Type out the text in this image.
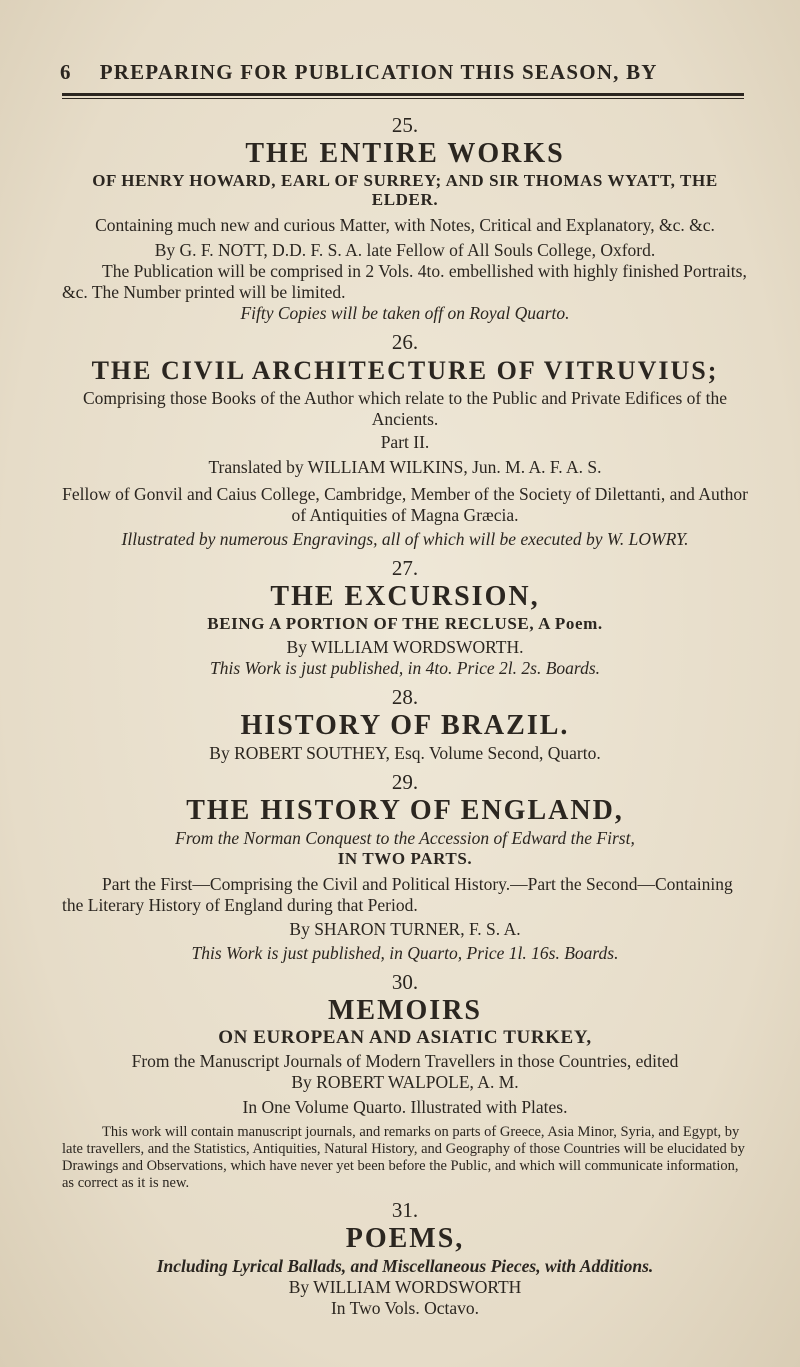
6 PREPARING FOR PUBLICATION THIS SEASON, BY

25.

THE ENTIRE WORKS

OF HENRY HOWARD, EARL OF SURREY; AND SIR THOMAS WYATT, THE ELDER.

Containing much new and curious Matter, with Notes, Critical and Explanatory, &c. &c.

By G. F. NOTT, D.D. F. S. A. late Fellow of All Souls College, Oxford.

The Publication will be comprised in 2 Vols. 4to. embellished with highly finished Portraits, &c. The Number printed will be limited.

Fifty Copies will be taken off on Royal Quarto.

26.

THE CIVIL ARCHITECTURE OF VITRUVIUS;

Comprising those Books of the Author which relate to the Public and Private Edifices of the Ancients.

Part II.

Translated by WILLIAM WILKINS, Jun. M. A. F. A. S.

Fellow of Gonvil and Caius College, Cambridge, Member of the Society of Dilettanti, and Author of Antiquities of Magna Græcia.

Illustrated by numerous Engravings, all of which will be executed by W. LOWRY.

27.

THE EXCURSION,

BEING A PORTION OF THE RECLUSE, A Poem.

By WILLIAM WORDSWORTH.

This Work is just published, in 4to. Price 2l. 2s. Boards.

28.

HISTORY OF BRAZIL.

By ROBERT SOUTHEY, Esq. Volume Second, Quarto.

29.

THE HISTORY OF ENGLAND,

From the Norman Conquest to the Accession of Edward the First,

IN TWO PARTS.

Part the First—Comprising the Civil and Political History.—Part the Second—Containing the Literary History of England during that Period.

By SHARON TURNER, F. S. A.

This Work is just published, in Quarto, Price 1l. 16s. Boards.

30.

MEMOIRS

ON EUROPEAN AND ASIATIC TURKEY,

From the Manuscript Journals of Modern Travellers in those Countries, edited

By ROBERT WALPOLE, A. M.

In One Volume Quarto. Illustrated with Plates.

This work will contain manuscript journals, and remarks on parts of Greece, Asia Minor, Syria, and Egypt, by late travellers, and the Statistics, Antiquities, Natural History, and Geography of those Countries will be elucidated by Drawings and Observations, which have never yet been before the Public, and which will communicate information, as correct as it is new.

31.

POEMS,

Including Lyrical Ballads, and Miscellaneous Pieces, with Additions.

By WILLIAM WORDSWORTH

In Two Vols. Octavo.
